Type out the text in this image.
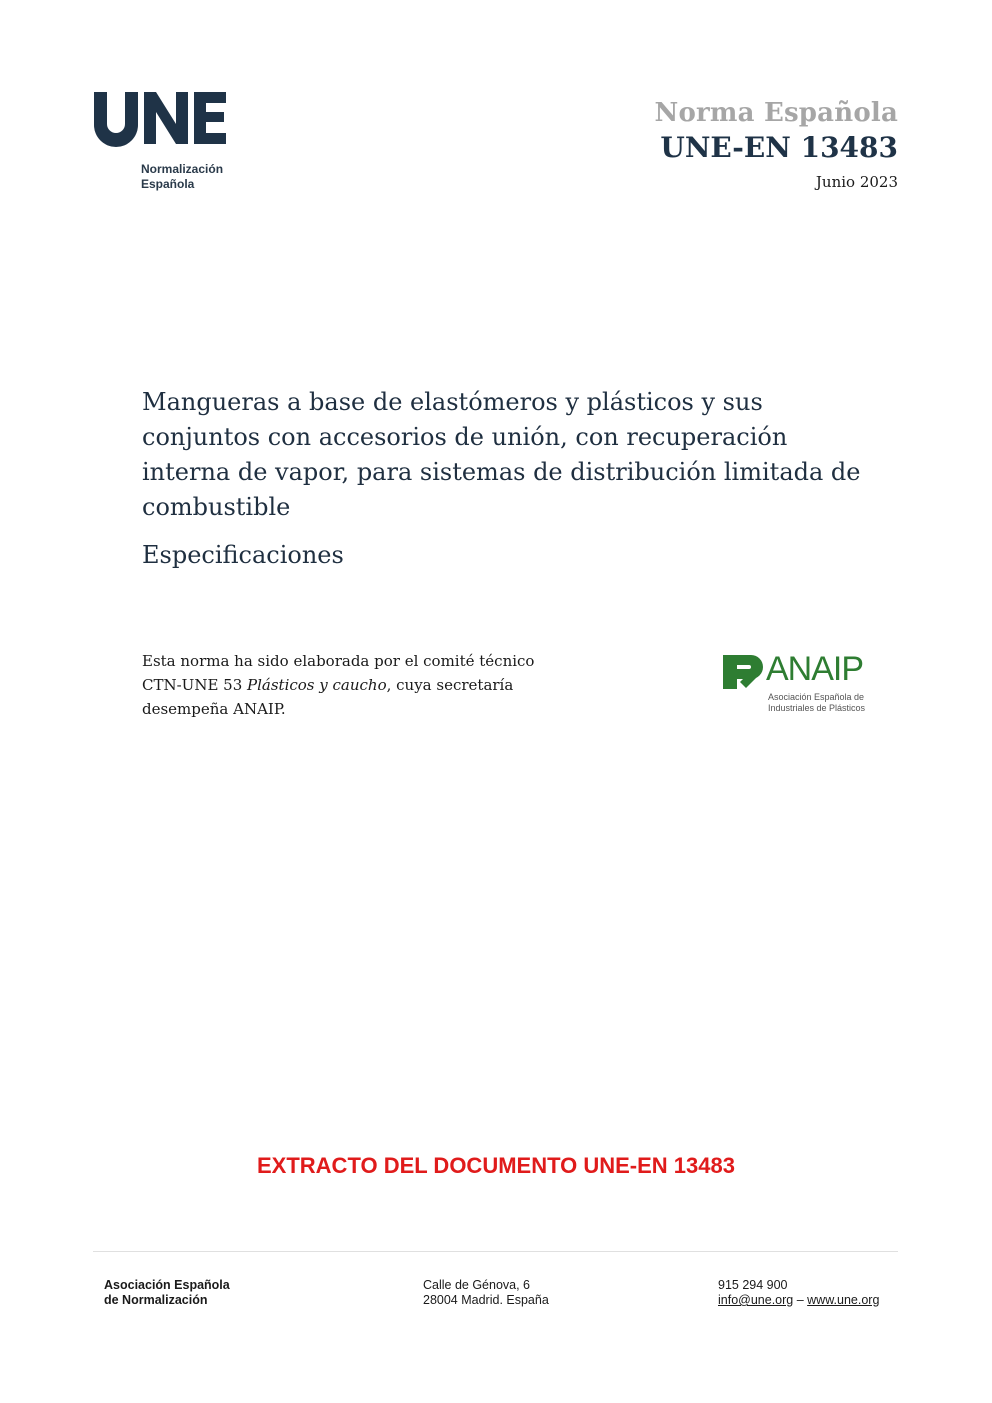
Normalización
Española
Norma Española
UNE-EN 13483
Junio 2023

Mangueras a base de elastómeros y plásticos y sus conjuntos con accesorios de unión, con recuperación interna de vapor, para sistemas de distribución limitada de combustible

Especificaciones
Esta norma ha sido elaborada por el comité técnico
CTN-UNE 53 Plásticos y caucho, cuya secretaría
desempeña ANAIP.
ANAIP
Asociación Española de
Industriales de Plásticos
EXTRACTO DEL DOCUMENTO UNE-EN 13483
Asociación Española
de Normalización
Calle de Génova, 6
28004 Madrid. España
915 294 900
info@une.org – www.une.org
